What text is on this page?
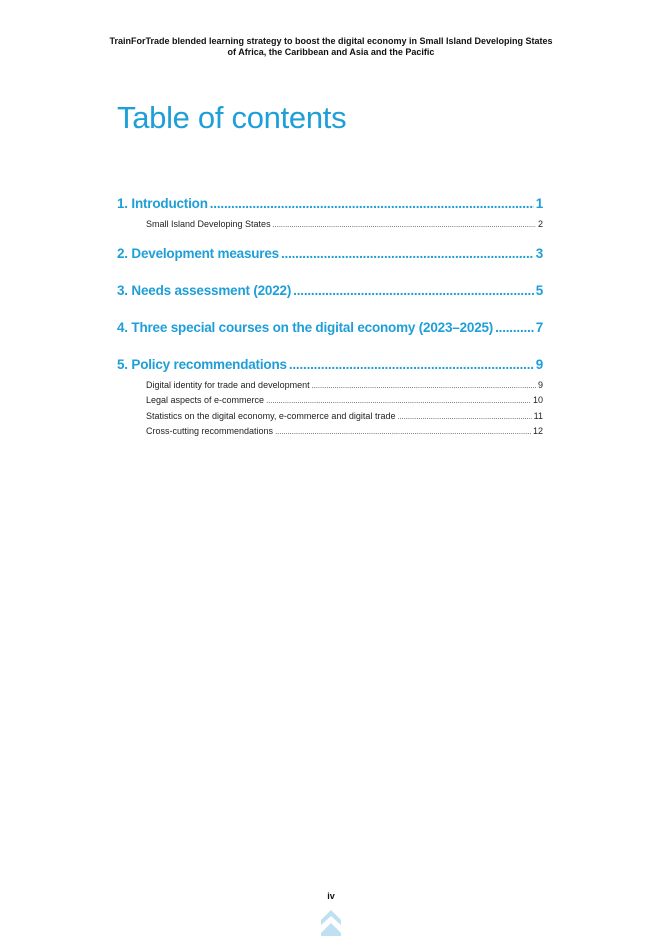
TrainForTrade blended learning strategy to boost the digital economy in Small Island Developing States
of Africa, the Caribbean and Asia and the Pacific
Table of contents
1. Introduction .....	1
Small Island Developing States .....	2
2. Development measures .....	3
3. Needs assessment (2022) .....	5
4. Three special courses on the digital economy (2023–2025) .....	7
5. Policy recommendations .....	9
Digital identity for trade and development .....	9
Legal aspects of e-commerce .....	10
Statistics on the digital economy, e-commerce and digital trade .....	11
Cross-cutting recommendations .....	12
iv
